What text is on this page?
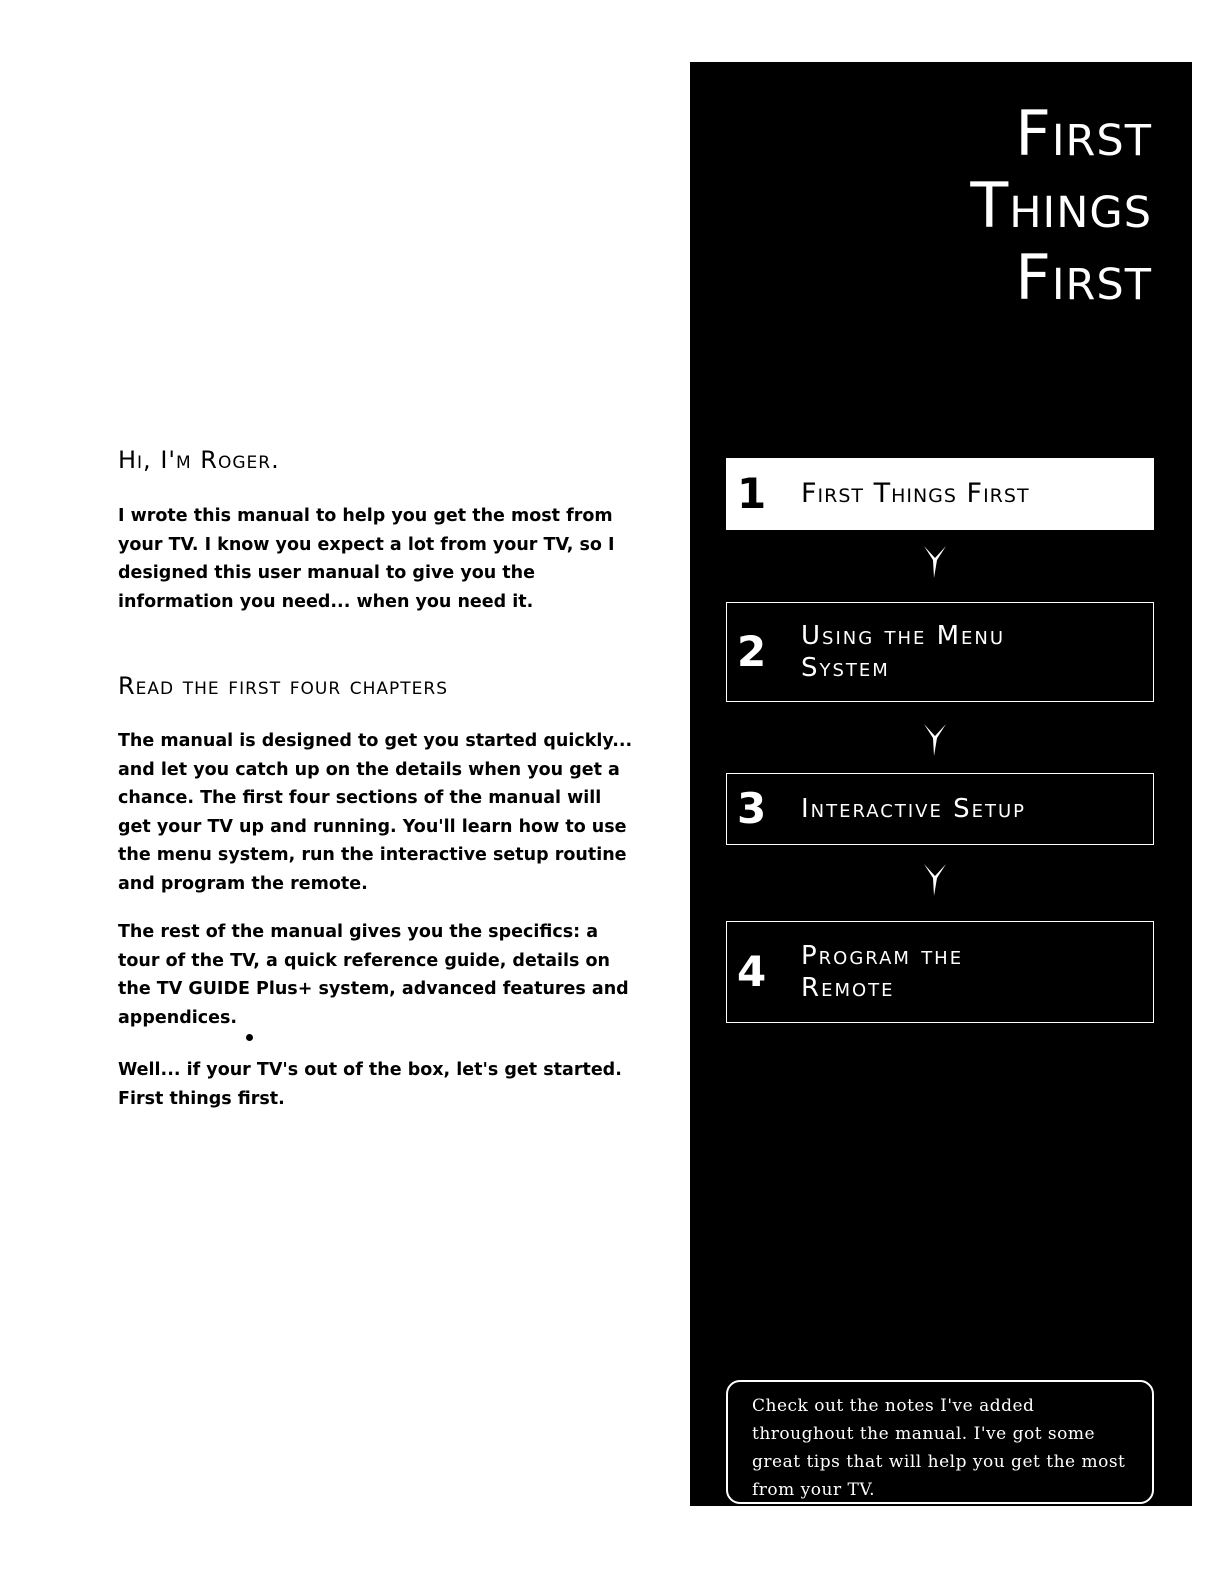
Hi, I'm Roger.

I wrote this manual to help you get the most from your TV. I know you expect a lot from your TV, so I designed this user manual to give you the information you need... when you need it.

Read the first four chapters

The manual is designed to get you started quickly... and let you catch up on the details when you get a chance. The first four sections of the manual will get your TV up and running. You'll learn how to use the menu system, run the interactive setup routine and program the remote.

The rest of the manual gives you the specifics: a tour of the TV, a quick reference guide, details on the TV GUIDE Plus+ system, advanced features and appendices.

Well... if your TV's out of the box, let's get started. First things first.

First
Things
First
1	First Things First
2	Using the Menu System
3	Interactive Setup
4	Program the Remote

Check out the notes I've added throughout the manual. I've got some great tips that will help you get the most from your TV.
